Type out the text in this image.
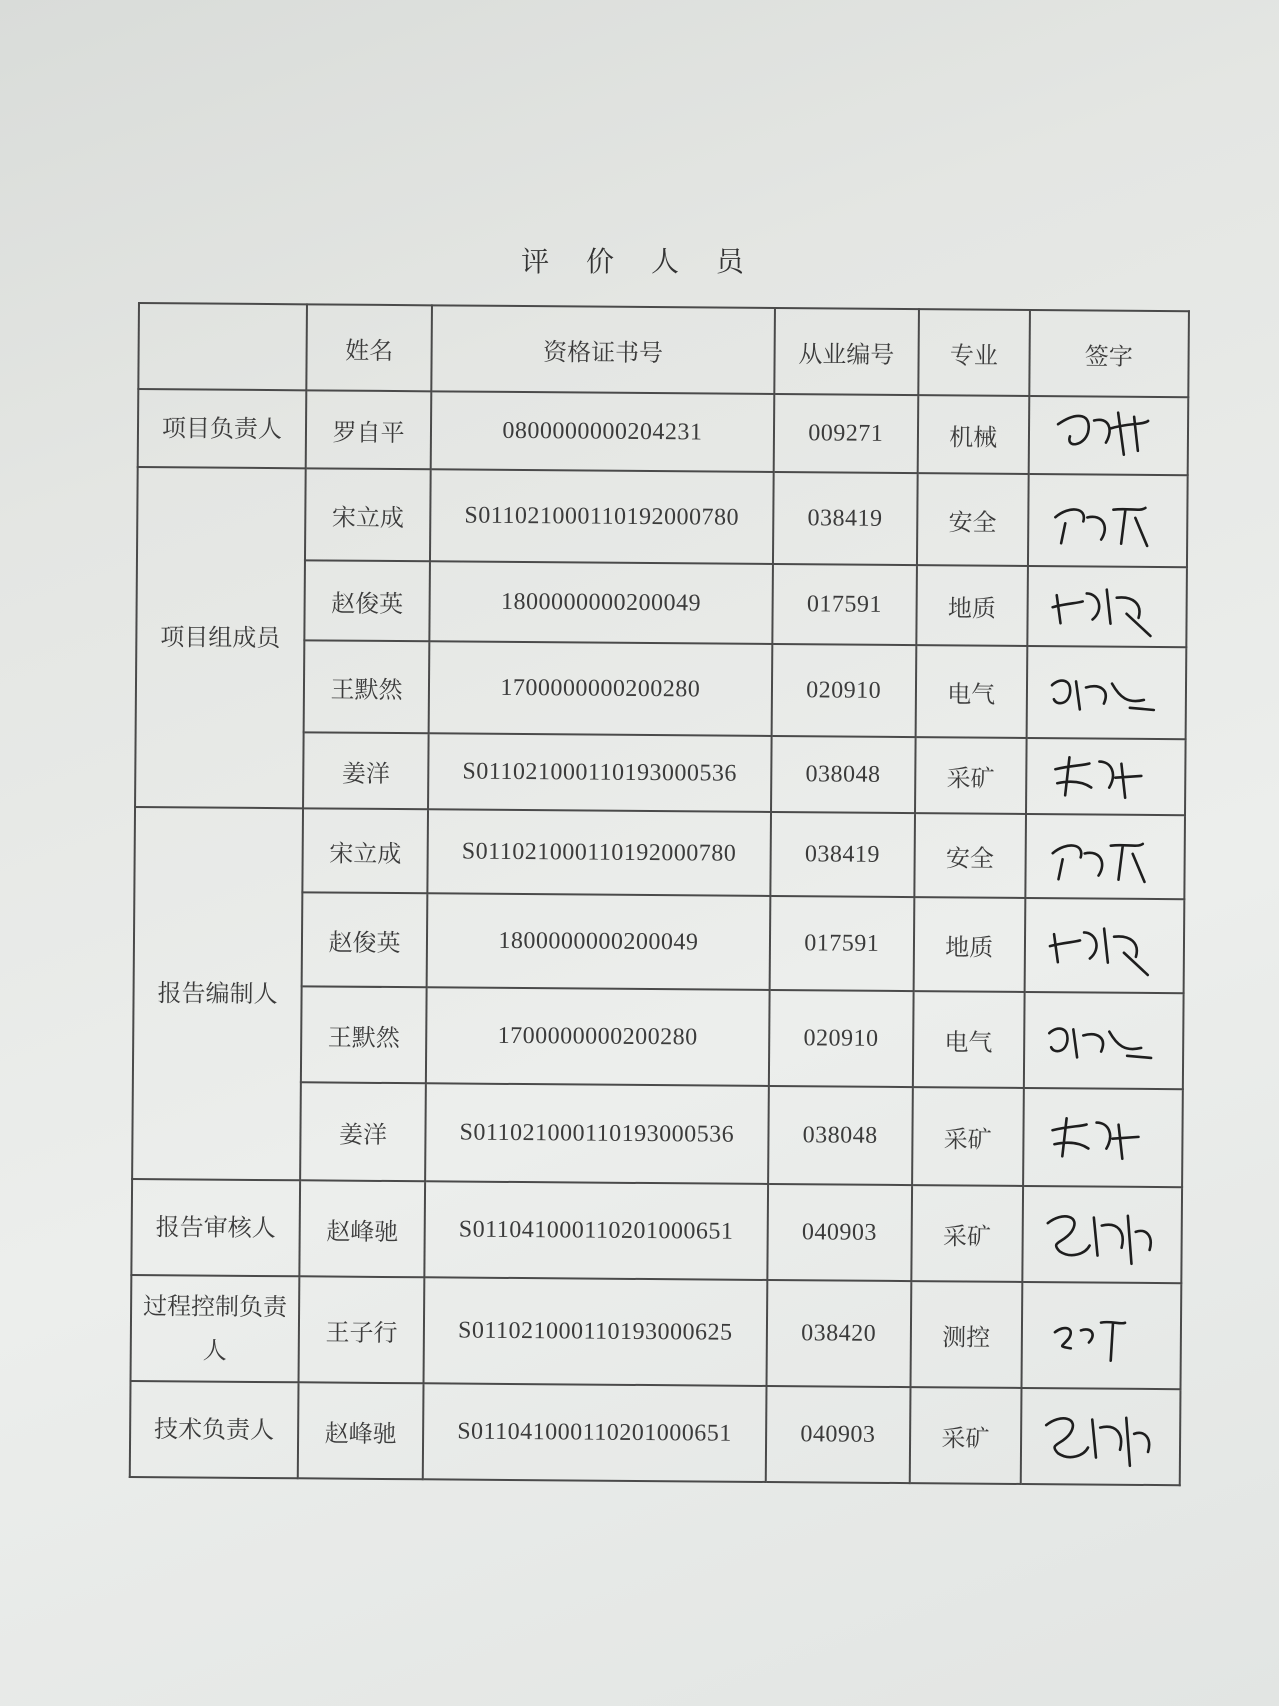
评 价 人 员
	姓名	资格证书号	从业编号	专业	签字
项目负责人	罗自平	0800000000204231	009271	机械	

项目组成员	宋立成	S011021000110192000780	038419	安全	

	赵俊英	1800000000200049	017591	地质	

	王默然	1700000000200280	020910	电气	

	姜洋	S011021000110193000536	038048	采矿	

报告编制人	宋立成	S011021000110192000780	038419	安全	

	赵俊英	1800000000200049	017591	地质	

	王默然	1700000000200280	020910	电气	

	姜洋	S011021000110193000536	038048	采矿	

报告审核人	赵峰驰	S011041000110201000651	040903	采矿	

过程控制负责人	王子行	S011021000110193000625	038420	测控	

技术负责人	赵峰驰	S011041000110201000651	040903	采矿	
